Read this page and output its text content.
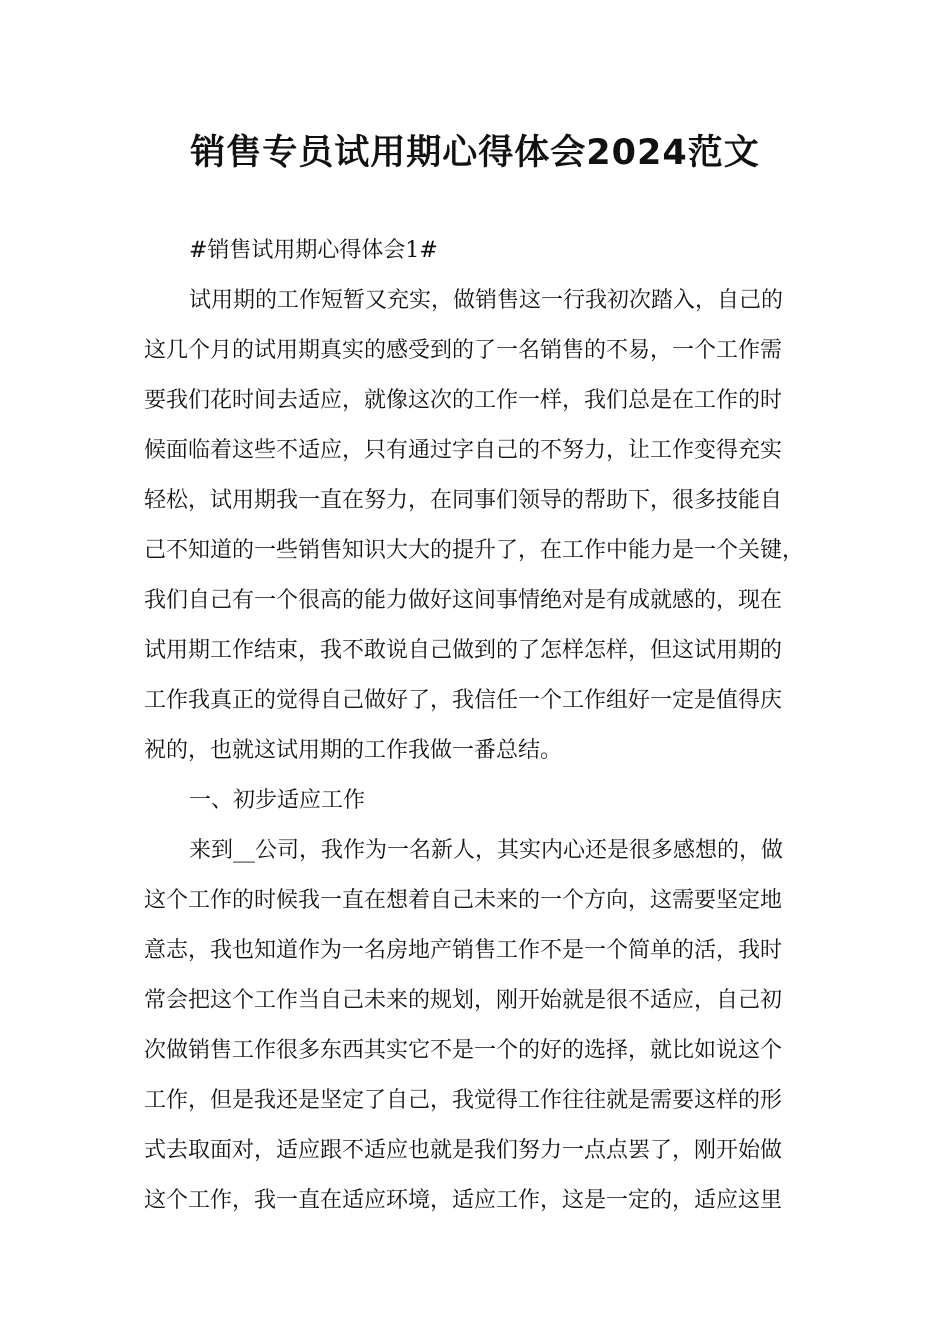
销售专员试用期心得体会2024范文

#销售试用期心得体会1#

试用期的工作短暂又充实，做销售这一行我初次踏入，自己的

这几个月的试用期真实的感受到的了一名销售的不易，一个工作需

要我们花时间去适应，就像这次的工作一样，我们总是在工作的时

候面临着这些不适应，只有通过字自己的不努力，让工作变得充实

轻松，试用期我一直在努力，在同事们领导的帮助下，很多技能自

己不知道的一些销售知识大大的提升了，在工作中能力是一个关键，

我们自己有一个很高的能力做好这间事情绝对是有成就感的，现在

试用期工作结束，我不敢说自己做到的了怎样怎样，但这试用期的

工作我真正的觉得自己做好了，我信任一个工作组好一定是值得庆

祝的，也就这试用期的工作我做一番总结。

一、初步适应工作

来到__公司，我作为一名新人，其实内心还是很多感想的，做

这个工作的时候我一直在想着自己未来的一个方向，这需要坚定地

意志，我也知道作为一名房地产销售工作不是一个简单的活，我时

常会把这个工作当自己未来的规划，刚开始就是很不适应，自己初

次做销售工作很多东西其实它不是一个的好的选择，就比如说这个

工作，但是我还是坚定了自己，我觉得工作往往就是需要这样的形

式去取面对，适应跟不适应也就是我们努力一点点罢了，刚开始做

这个工作，我一直在适应环境，适应工作，这是一定的，适应这里
